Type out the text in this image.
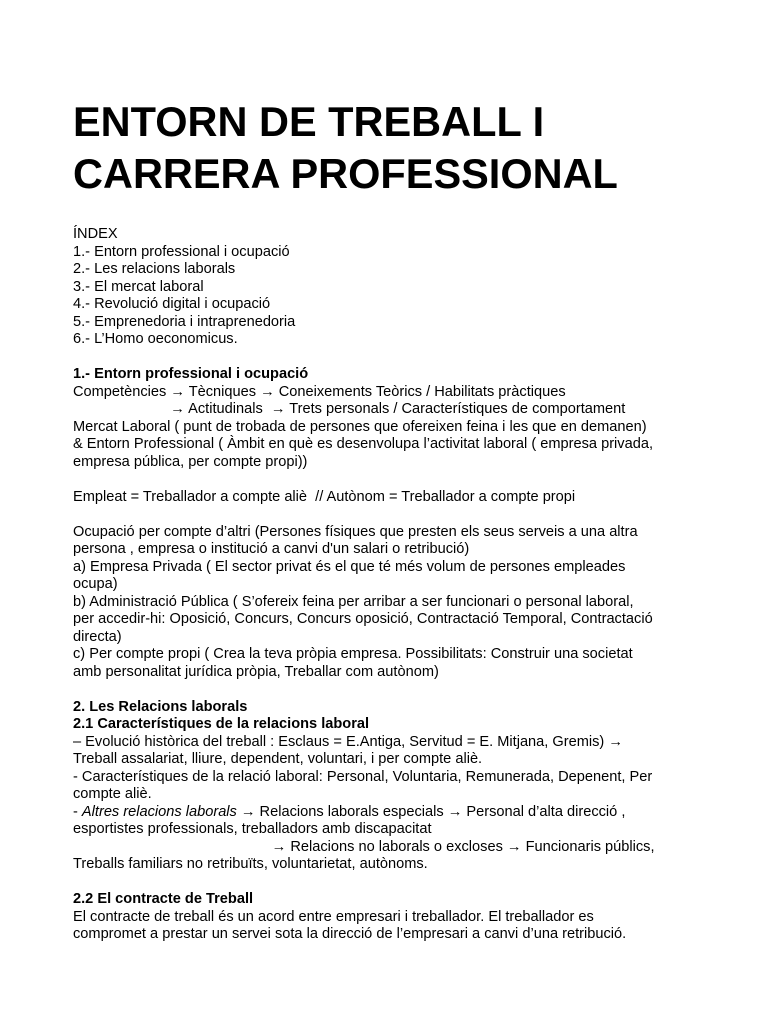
ENTORN DE TREBALL I
CARRERA PROFESSIONAL
ÍNDEX
1.- Entorn professional i ocupació
2.- Les relacions laborals
3.- El mercat laboral
4.- Revolució digital i ocupació
5.- Emprenedoria i intraprenedoria
6.- L’Homo oeconomicus.
1.- Entorn professional i ocupació
Competències → Tècniques → Coneixements Teòrics / Habilitats pràctiques
→ Actitudinals  → Trets personals / Característiques de comportament
Mercat Laboral ( punt de trobada de persones que ofereixen feina i les que en demanen)
& Entorn Professional ( Àmbit en què es desenvolupa l’activitat laboral ( empresa privada,
empresa pública, per compte propi))
Empleat = Treballador a compte aliè  // Autònom = Treballador a compte propi
Ocupació per compte d’altri (Persones físiques que presten els seus serveis a una altra
persona , empresa o institució a canvi d'un salari o retribució)
a) Empresa Privada ( El sector privat és el que té més volum de persones empleades
ocupa)
b) Administració Pública ( S’ofereix feina per arribar a ser funcionari o personal laboral,
per accedir-hi: Oposició, Concurs, Concurs oposició, Contractació Temporal, Contractació
directa)
c) Per compte propi ( Crea la teva pròpia empresa. Possibilitats: Construir una societat
amb personalitat jurídica pròpia, Treballar com autònom)
2. Les Relacions laborals
2.1 Característiques de la relacions laboral
– Evolució històrica del treball : Esclaus = E.Antiga, Servitud = E. Mitjana, Gremis) →
Treball assalariat, lliure, dependent, voluntari, i per compte aliè.
- Característiques de la relació laboral: Personal, Voluntaria, Remunerada, Depenent, Per
compte aliè.
- Altres relacions laborals → Relacions laborals especials → Personal d’alta direcció ,
esportistes professionals, treballadors amb discapacitat
→ Relacions no laborals o excloses → Funcionaris públics,
Treballs familiars no retribuïts, voluntarietat, autònoms.
2.2 El contracte de Treball
El contracte de treball és un acord entre empresari i treballador. El treballador es
compromet a prestar un servei sota la direcció de l’empresari a canvi d’una retribució.
